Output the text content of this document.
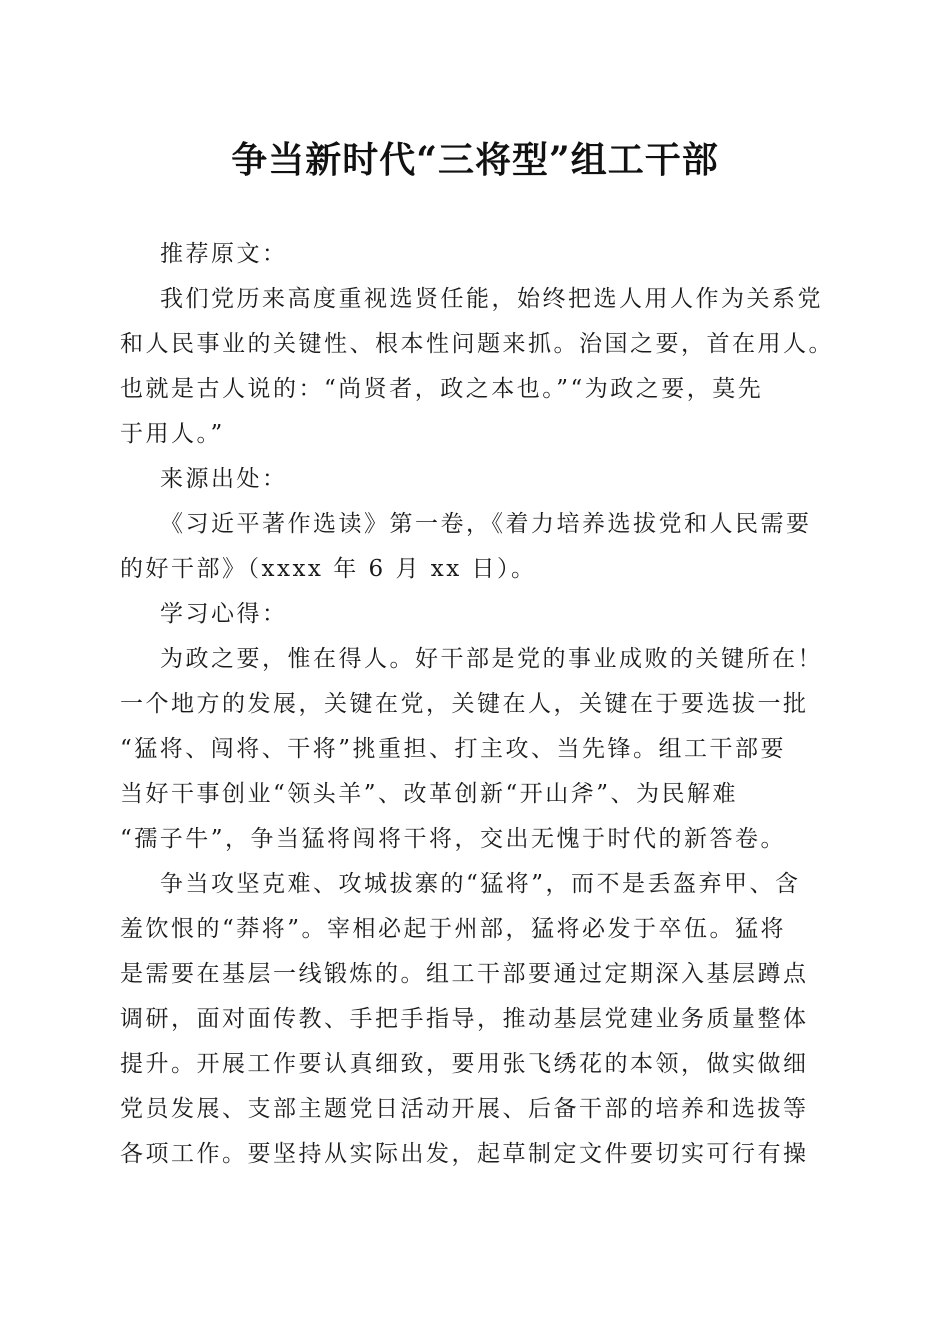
争当新时代“三将型”组工干部

推荐原文：

我们党历来高度重视选贤任能，始终把选人用人作为关系党
和人民事业的关键性、根本性问题来抓。治国之要，首在用人。
也就是古人说的：“尚贤者，政之本也。”“为政之要，莫先
于用人。”

来源出处：

《习近平著作选读》第一卷，《着力培养选拔党和人民需要
的好干部》（xxxx 年 6 月 xx 日）。

学习心得：

为政之要，惟在得人。好干部是党的事业成败的关键所在！
一个地方的发展，关键在党，关键在人，关键在于要选拔一批
“猛将、闯将、干将”挑重担、打主攻、当先锋。组工干部要
当好干事创业“领头羊”、改革创新“开山斧”、为民解难
“孺子牛”，争当猛将闯将干将，交出无愧于时代的新答卷。
争当攻坚克难、攻城拔寨的“猛将”，而不是丢盔弃甲、含
羞饮恨的“莽将”。宰相必起于州部，猛将必发于卒伍。猛将
是需要在基层一线锻炼的。组工干部要通过定期深入基层蹲点
调研，面对面传教、手把手指导，推动基层党建业务质量整体
提升。开展工作要认真细致，要用张飞绣花的本领，做实做细
党员发展、支部主题党日活动开展、后备干部的培养和选拔等
各项工作。要坚持从实际出发，起草制定文件要切实可行有操
